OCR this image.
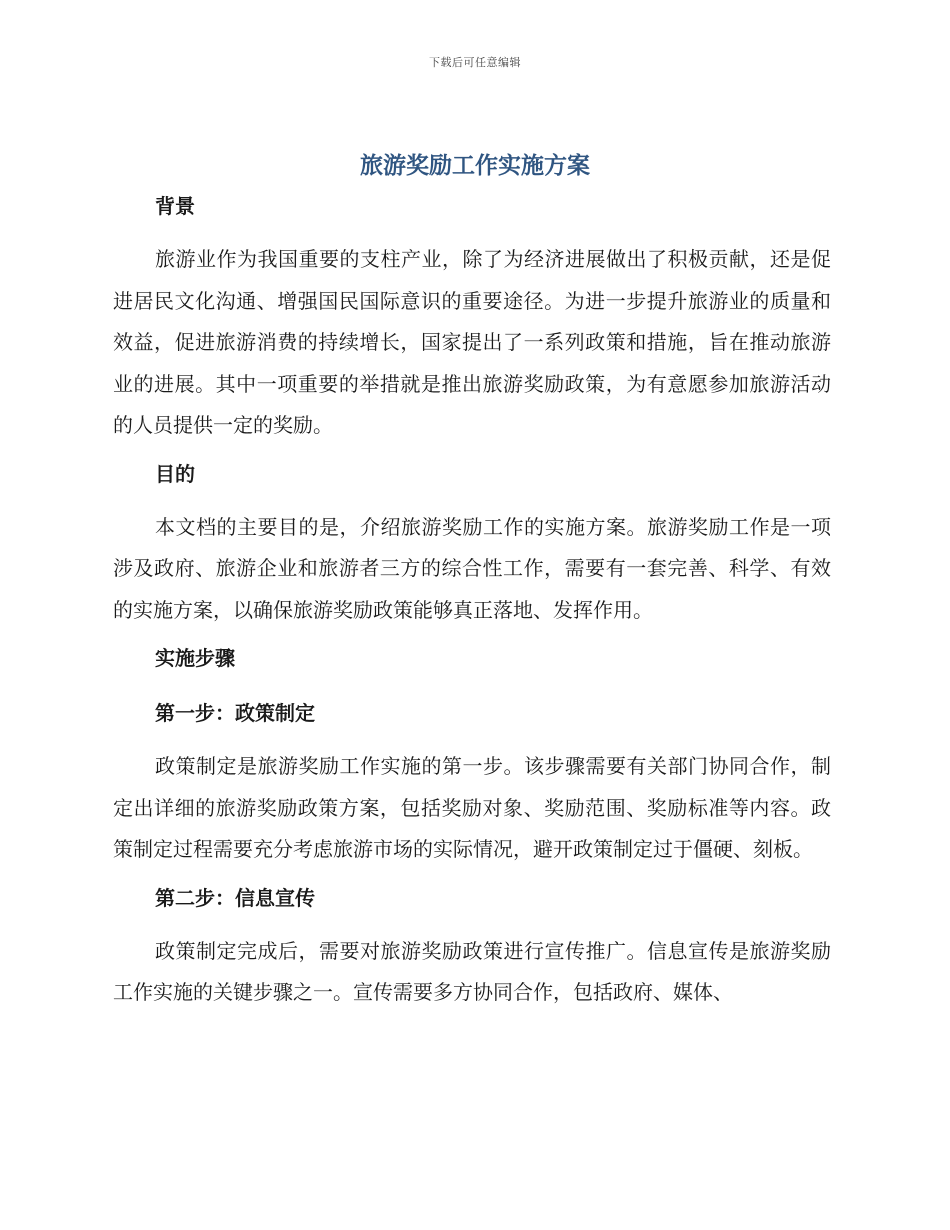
下载后可任意编辑
旅游奖励工作实施方案
背景

旅游业作为我国重要的支柱产业，除了为经济进展做出了积极贡献，还是促进居民文化沟通、增强国民国际意识的重要途径。为进一步提升旅游业的质量和效益，促进旅游消费的持续增长，国家提出了一系列政策和措施，旨在推动旅游业的进展。其中一项重要的举措就是推出旅游奖励政策，为有意愿参加旅游活动的人员提供一定的奖励。

目的

本文档的主要目的是，介绍旅游奖励工作的实施方案。旅游奖励工作是一项涉及政府、旅游企业和旅游者三方的综合性工作，需要有一套完善、科学、有效的实施方案，以确保旅游奖励政策能够真正落地、发挥作用。

实施步骤
第一步：政策制定

政策制定是旅游奖励工作实施的第一步。该步骤需要有关部门协同合作，制定出详细的旅游奖励政策方案，包括奖励对象、奖励范围、奖励标准等内容。政策制定过程需要充分考虑旅游市场的实际情况，避开政策制定过于僵硬、刻板。

第二步：信息宣传

政策制定完成后，需要对旅游奖励政策进行宣传推广。信息宣传是旅游奖励工作实施的关键步骤之一。宣传需要多方协同合作，包括政府、媒体、
